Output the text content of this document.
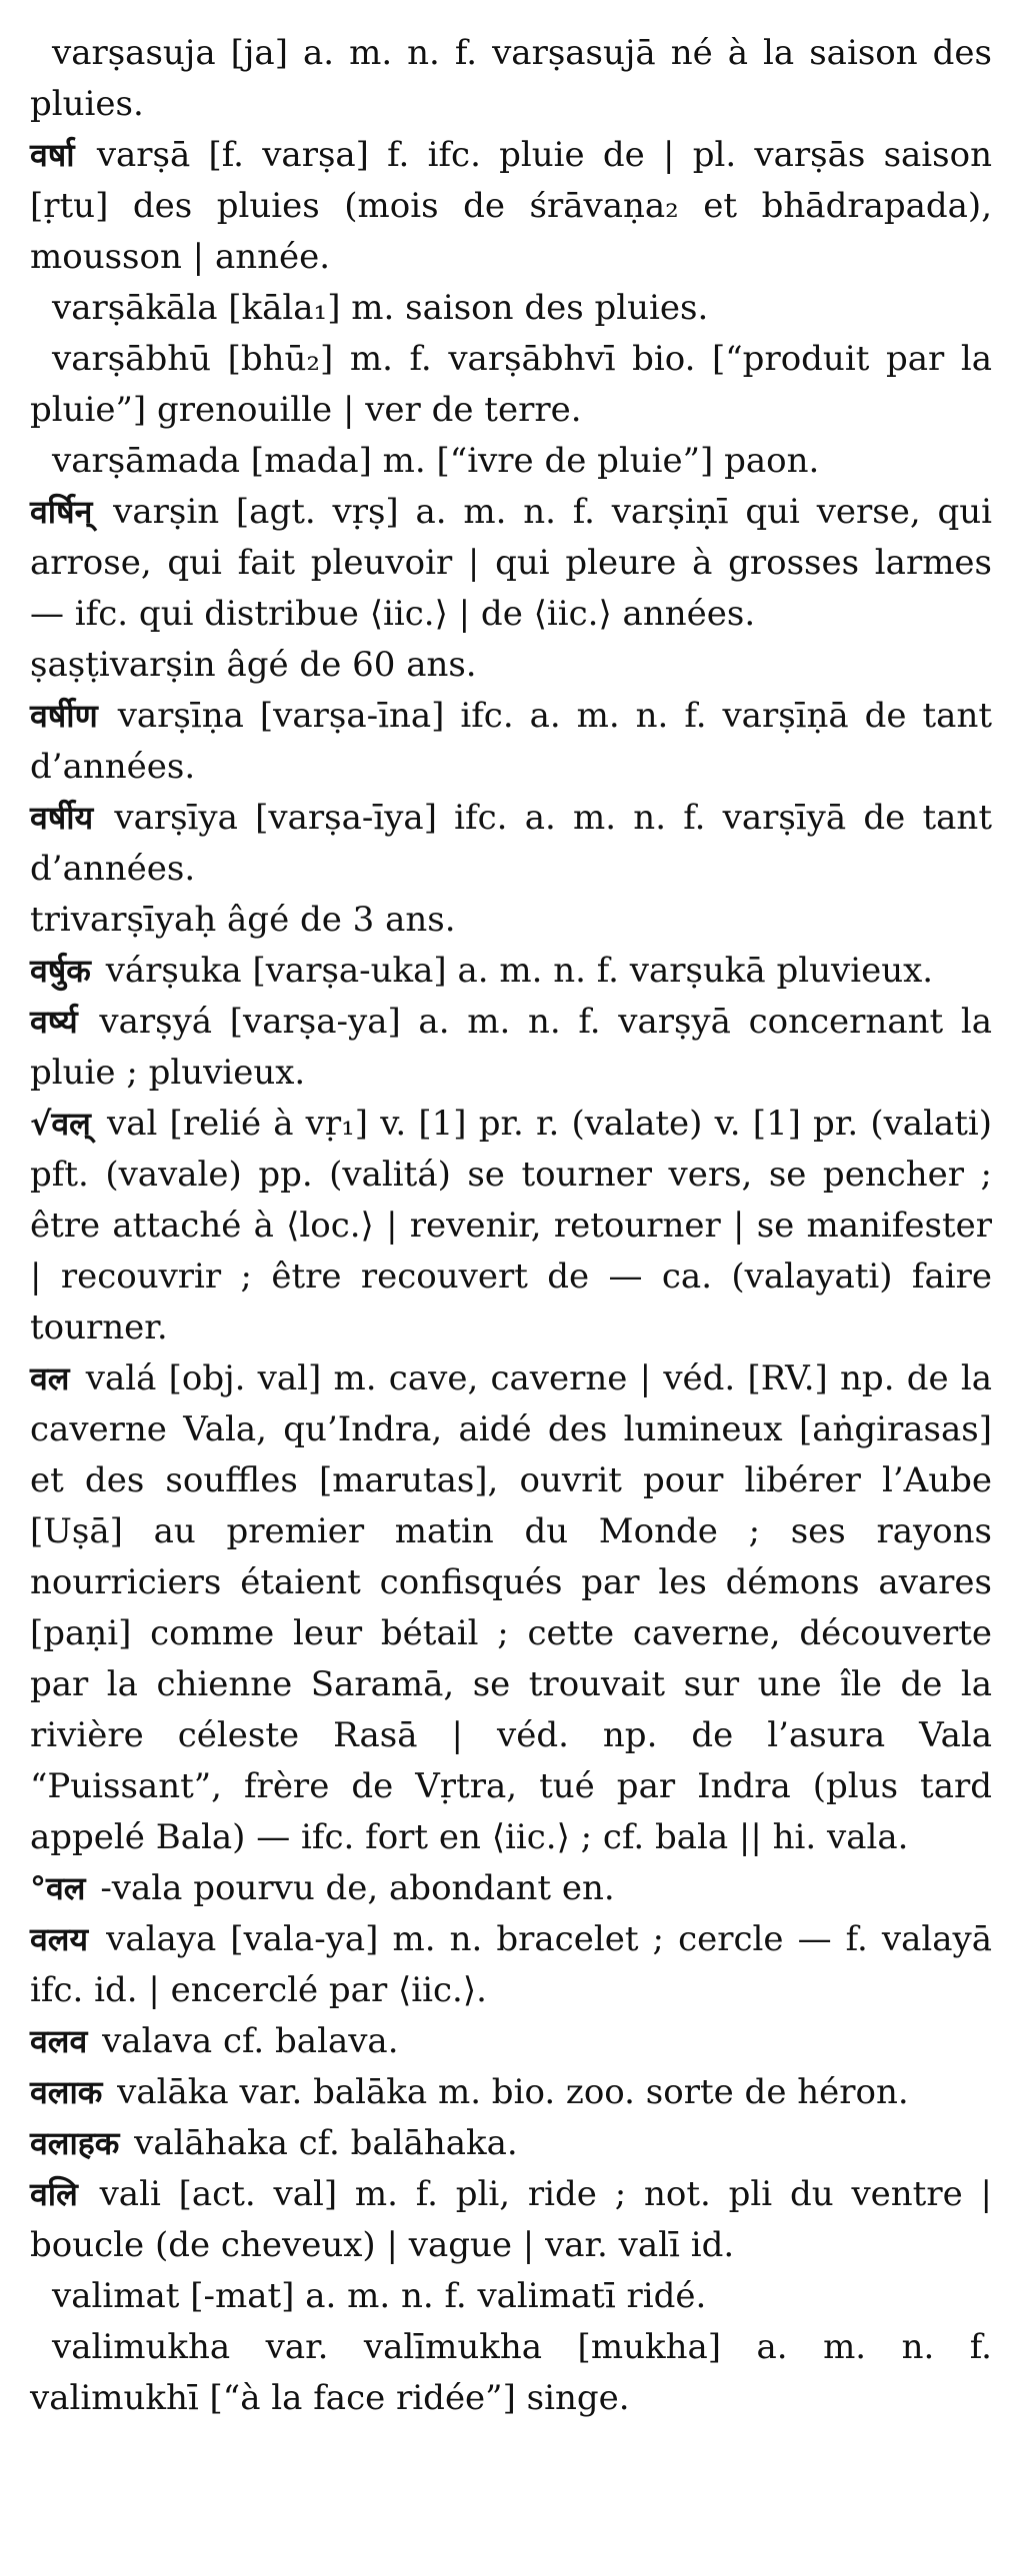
varṣasuja [ja] a. m. n. f. varṣasujā né à la saison des pluies.

वर्षा varṣā [f. varṣa] f. ifc. pluie de | pl. varṣās saison [ṛtu] des pluies (mois de śrāvaṇa₂ et bhādrapada), mousson | année.

varṣākāla [kāla₁] m. saison des pluies.

varṣābhū [bhū₂] m. f. varṣābhvī bio. [“produit par la pluie”] grenouille | ver de terre.

varṣāmada [mada] m. [“ivre de pluie”] paon.

वर्षिन् varṣin [agt. vṛṣ] a. m. n. f. varṣiṇī qui verse, qui arrose, qui fait pleuvoir | qui pleure à grosses larmes — ifc. qui distribue ⟨iic.⟩ | de ⟨iic.⟩ années.

ṣaṣṭivarṣin âgé de 60 ans.

वर्षीण varṣīṇa [varṣa-īna] ifc. a. m. n. f. varṣīṇā de tant d’années.

वर्षीय varṣīya [varṣa-īya] ifc. a. m. n. f. varṣīyā de tant d’années.

trivarṣīyaḥ âgé de 3 ans.

वर्षुक várṣuka [varṣa-uka] a. m. n. f. varṣukā pluvieux.

वर्ष्य varṣyá [varṣa-ya] a. m. n. f. varṣyā concernant la pluie ; pluvieux.

√वल् val [relié à vṛ₁] v. [1] pr. r. (valate) v. [1] pr. (valati) pft. (vavale) pp. (valitá) se tourner vers, se pencher ; être attaché à ⟨loc.⟩ | revenir, retourner | se manifester | recouvrir ; être recouvert de — ca. (valayati) faire tourner.

वल valá [obj. val] m. cave, caverne | véd. [RV.] np. de la caverne Vala, qu’Indra, aidé des lumineux [aṅgirasas] et des souffles [marutas], ouvrit pour libérer l’Aube [Uṣā] au premier matin du Monde ; ses rayons nourriciers étaient confisqués par les démons avares [paṇi] comme leur bétail ; cette caverne, découverte par la chienne Saramā, se trouvait sur une île de la rivière céleste Rasā | véd. np. de l’asura Vala “Puissant”, frère de Vṛtra, tué par Indra (plus tard appelé Bala) — ifc. fort en ⟨iic.⟩ ; cf. bala || hi. vala.

°वल -vala pourvu de, abondant en.

वलय valaya [vala-ya] m. n. bracelet ; cercle — f. valayā ifc. id. | encerclé par ⟨iic.⟩.

वलव valava cf. balava.

वलाक valāka var. balāka m. bio. zoo. sorte de héron.

वलाहक valāhaka cf. balāhaka.

वलि vali [act. val] m. f. pli, ride ; not. pli du ventre | boucle (de cheveux) | vague | var. valī id.

valimat [-mat] a. m. n. f. valimatī ridé.

valimukha var. valīmukha [mukha] a. m. n. f. valimukhī [“à la face ridée”] singe.
